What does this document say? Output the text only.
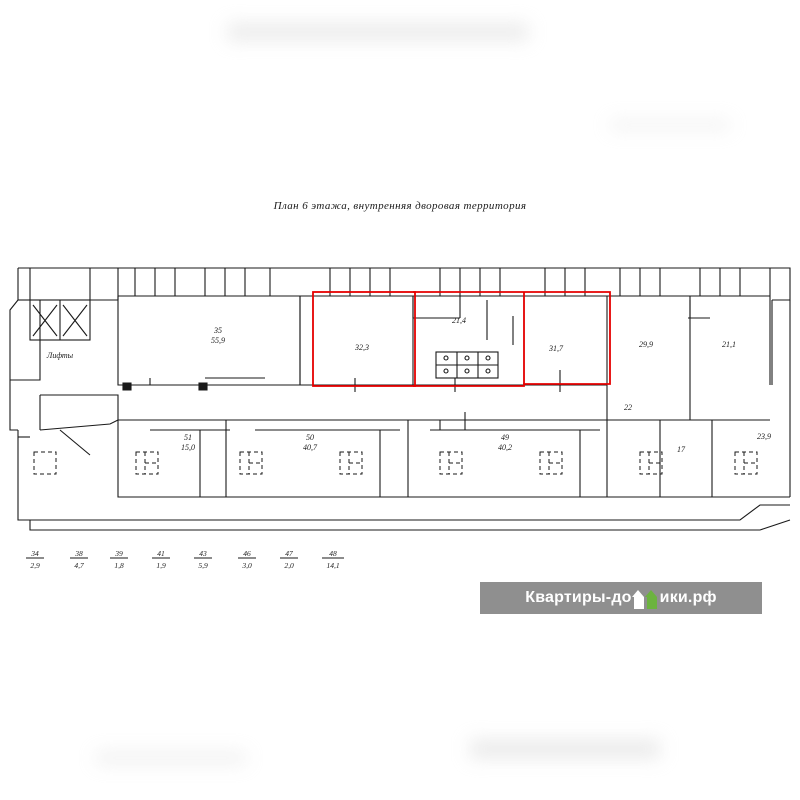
План 6 этажа, внутренняя дворовая территория
35
55,9
32,3
21,4
31,7	29,9	21,1
51
15,0
50
40,7
49
40,2
22
17
23,9
Лифты
34
2,9
38
4,7
39
1,8
41
1,9
43
5,9
46
3,0
47
2,0
48
14,1
Квартиры-до ики.рф
